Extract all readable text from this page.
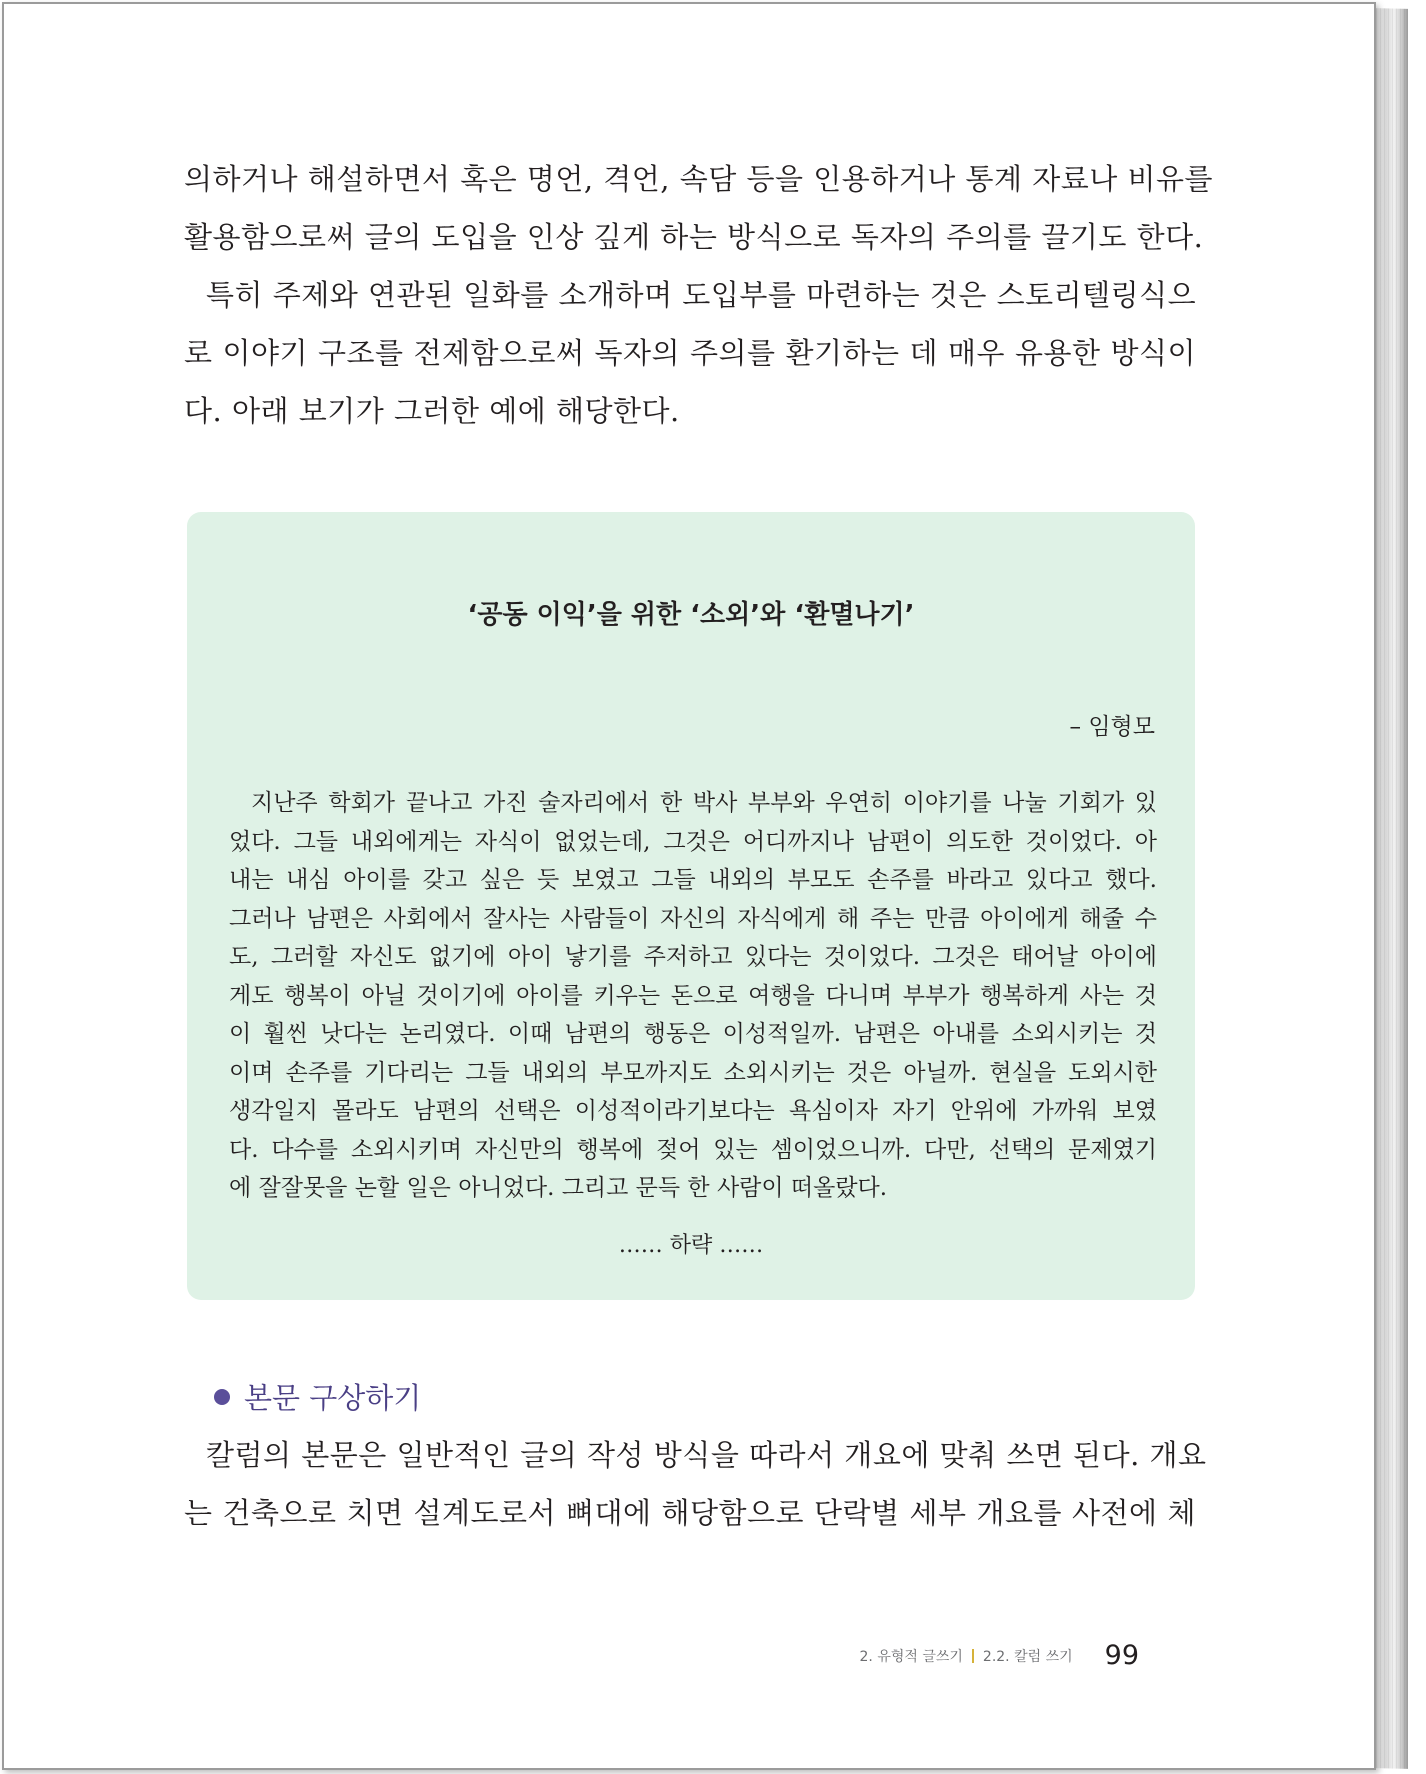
의하거나 해설하면서 혹은 명언, 격언, 속담 등을 인용하거나 통계 자료나 비유를
활용함으로써 글의 도입을 인상 깊게 하는 방식으로 독자의 주의를 끌기도 한다.
특히 주제와 연관된 일화를 소개하며 도입부를 마련하는 것은 스토리텔링식으
로 이야기 구조를 전제함으로써 독자의 주의를 환기하는 데 매우 유용한 방식이
다. 아래 보기가 그러한 예에 해당한다.
‘공동 이익’을 위한 ‘소외’와 ‘환멸나기’
– 임형모
지난주 학회가 끝나고 가진 술자리에서 한 박사 부부와 우연히 이야기를 나눌 기회가 있
었다. 그들 내외에게는 자식이 없었는데, 그것은 어디까지나 남편이 의도한 것이었다. 아
내는 내심 아이를 갖고 싶은 듯 보였고 그들 내외의 부모도 손주를 바라고 있다고 했다.
그러나 남편은 사회에서 잘사는 사람들이 자신의 자식에게 해 주는 만큼 아이에게 해줄 수
도, 그러할 자신도 없기에 아이 낳기를 주저하고 있다는 것이었다. 그것은 태어날 아이에
게도 행복이 아닐 것이기에 아이를 키우는 돈으로 여행을 다니며 부부가 행복하게 사는 것
이 훨씬 낫다는 논리였다. 이때 남편의 행동은 이성적일까. 남편은 아내를 소외시키는 것
이며 손주를 기다리는 그들 내외의 부모까지도 소외시키는 것은 아닐까. 현실을 도외시한
생각일지 몰라도 남편의 선택은 이성적이라기보다는 욕심이자 자기 안위에 가까워 보였
다. 다수를 소외시키며 자신만의 행복에 젖어 있는 셈이었으니까. 다만, 선택의 문제였기
에 잘잘못을 논할 일은 아니었다. 그리고 문득 한 사람이 떠올랐다.
…… 하략 ……
본문 구상하기
칼럼의 본문은 일반적인 글의 작성 방식을 따라서 개요에 맞춰 쓰면 된다. 개요
는 건축으로 치면 설계도로서 뼈대에 해당함으로 단락별 세부 개요를 사전에 체
2. 유형적 글쓰기 2.2. 칼럼 쓰기 99
